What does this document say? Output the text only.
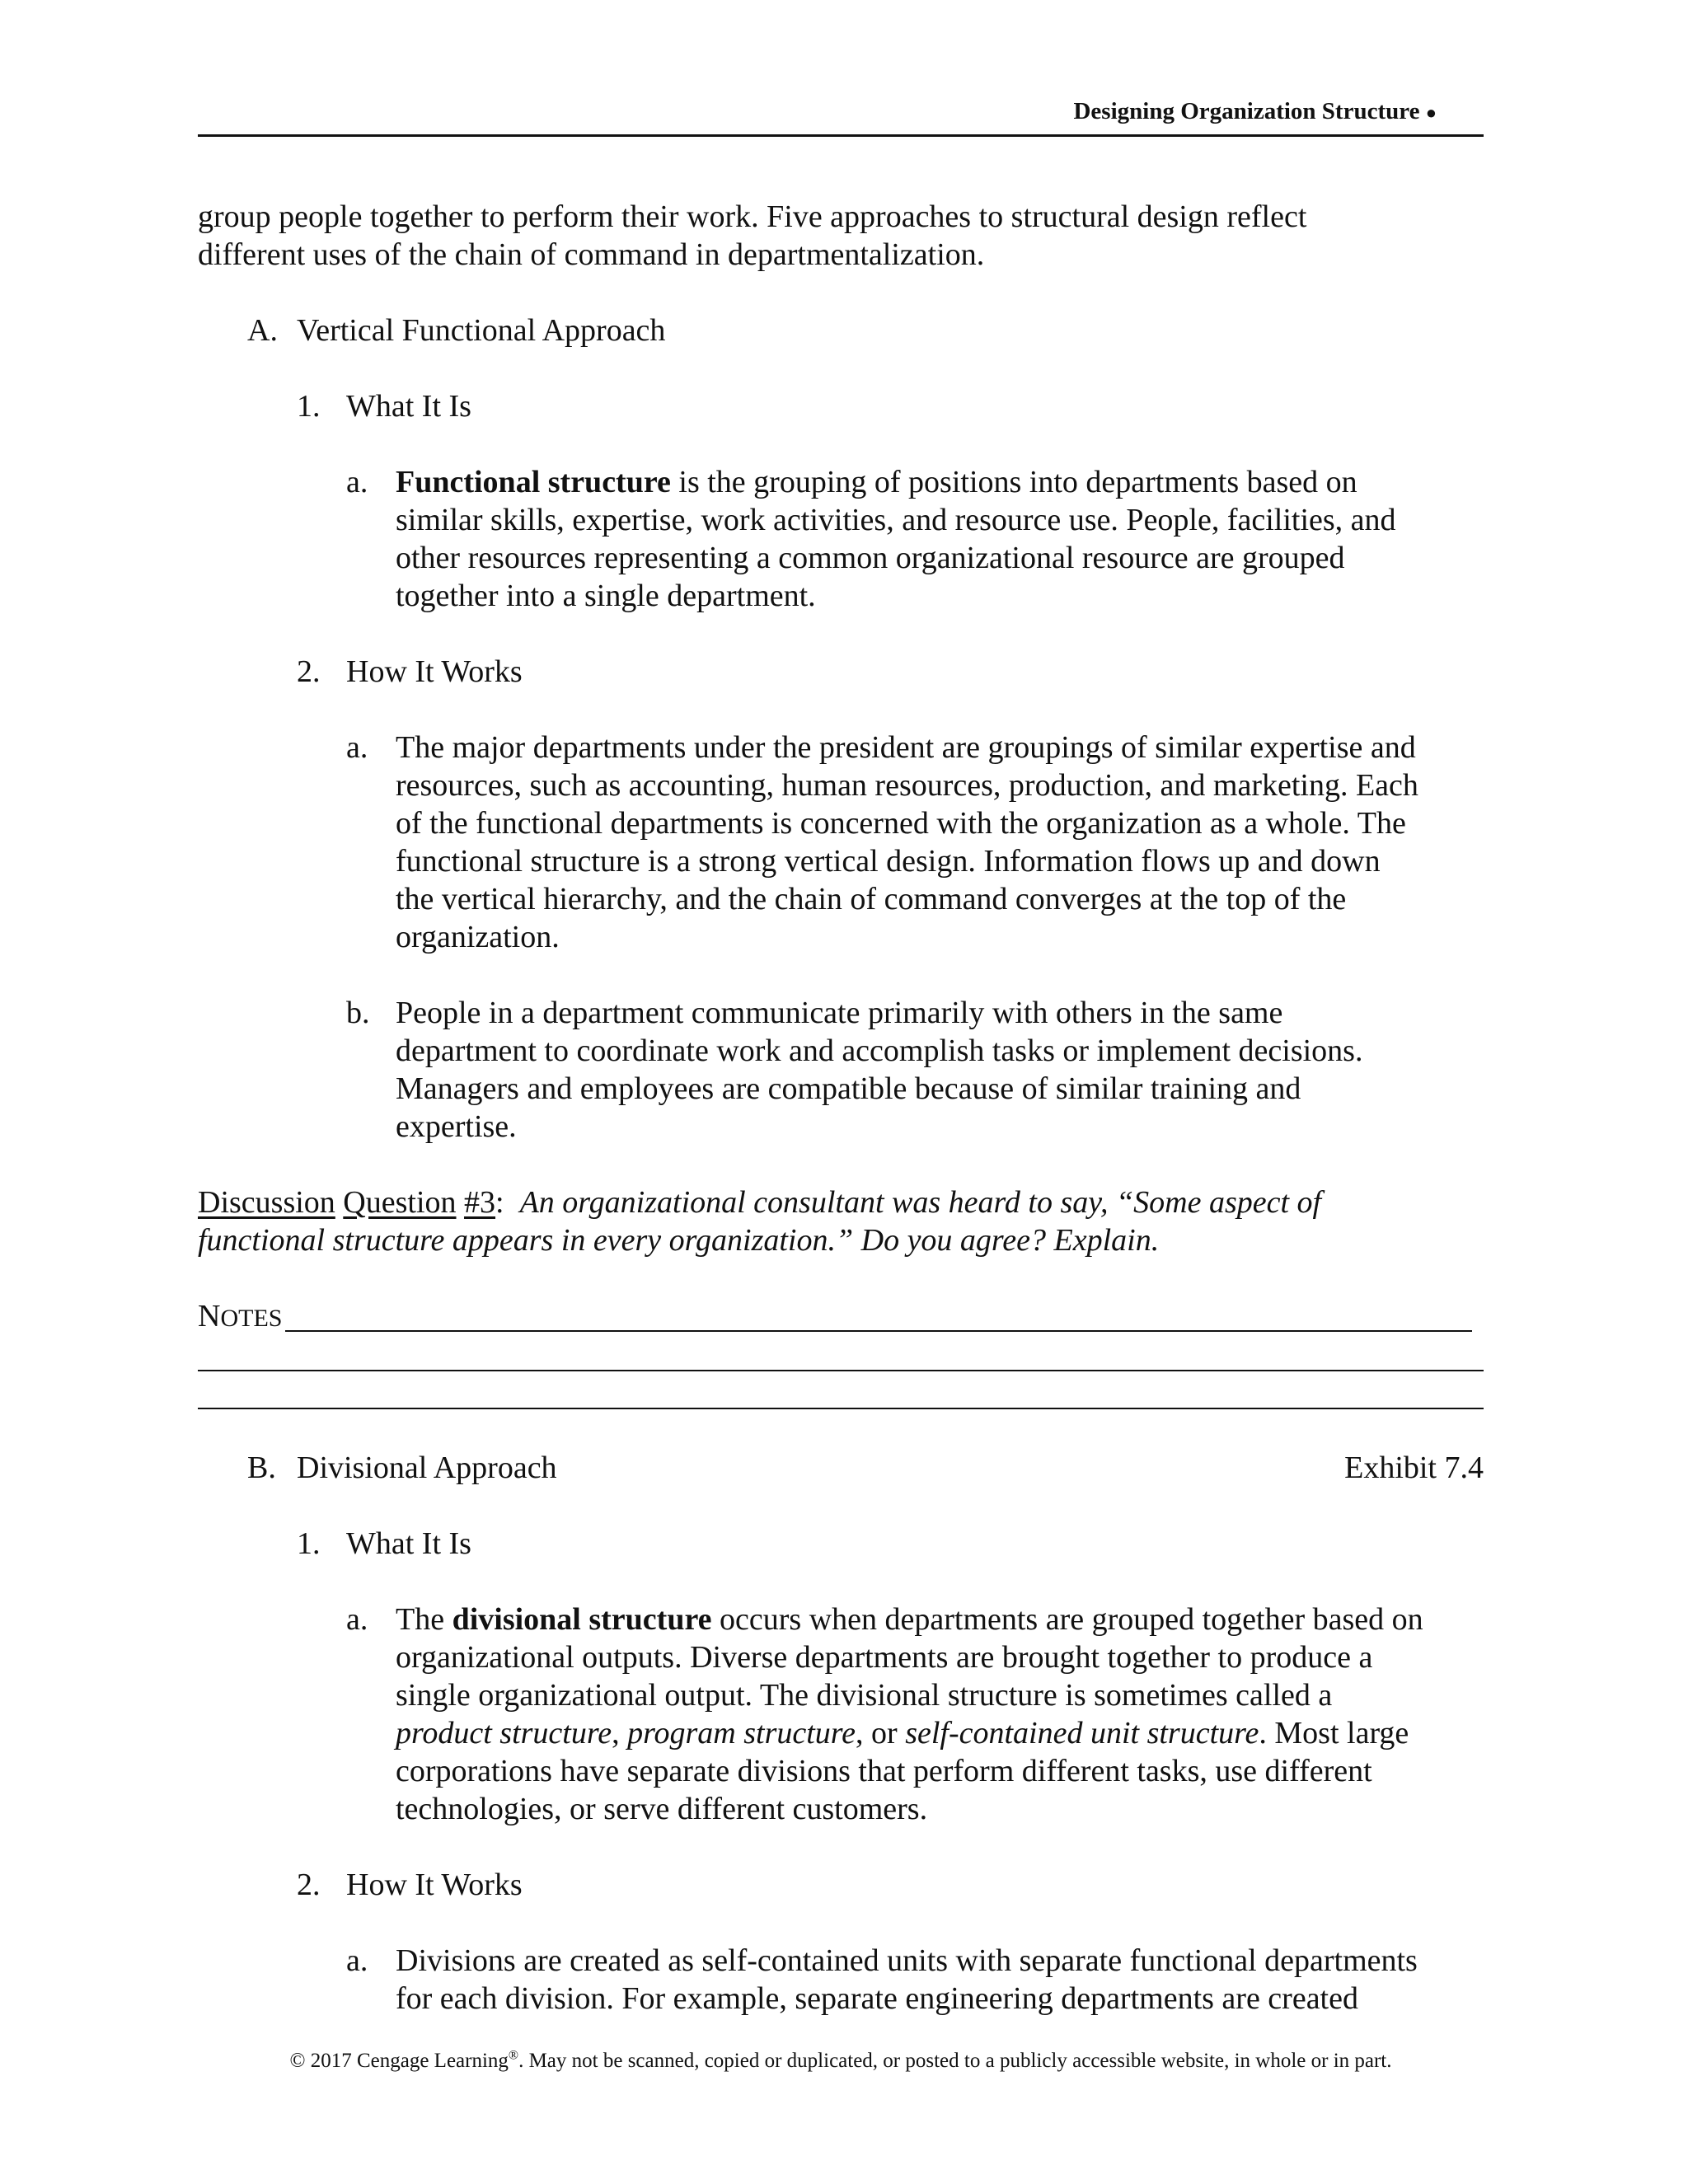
Designing Organization Structure ●
group people together to perform their work. Five approaches to structural design reflect
different uses of the chain of command in departmentalization.
A. Vertical Functional Approach
1. What It Is
a. Functional structure is the grouping of positions into departments based on
similar skills, expertise, work activities, and resource use. People, facilities, and
other resources representing a common organizational resource are grouped
together into a single department.
2. How It Works
a. The major departments under the president are groupings of similar expertise and
resources, such as accounting, human resources, production, and marketing. Each
of the functional departments is concerned with the organization as a whole. The
functional structure is a strong vertical design. Information flows up and down
the vertical hierarchy, and the chain of command converges at the top of the
organization.
b. People in a department communicate primarily with others in the same
department to coordinate work and accomplish tasks or implement decisions.
Managers and employees are compatible because of similar training and
expertise.
Discussion Question #3: An organizational consultant was heard to say, “Some aspect of
functional structure appears in every organization.” Do you agree? Explain.
NOTES
B. Divisional Approach	Exhibit 7.4
1. What It Is
a. The divisional structure occurs when departments are grouped together based on
organizational outputs. Diverse departments are brought together to produce a
single organizational output. The divisional structure is sometimes called a
product structure, program structure, or self-contained unit structure. Most large
corporations have separate divisions that perform different tasks, use different
technologies, or serve different customers.
2. How It Works
a. Divisions are created as self-contained units with separate functional departments
for each division. For example, separate engineering departments are created
© 2017 Cengage Learning®. May not be scanned, copied or duplicated, or posted to a publicly accessible website, in whole or in part.
